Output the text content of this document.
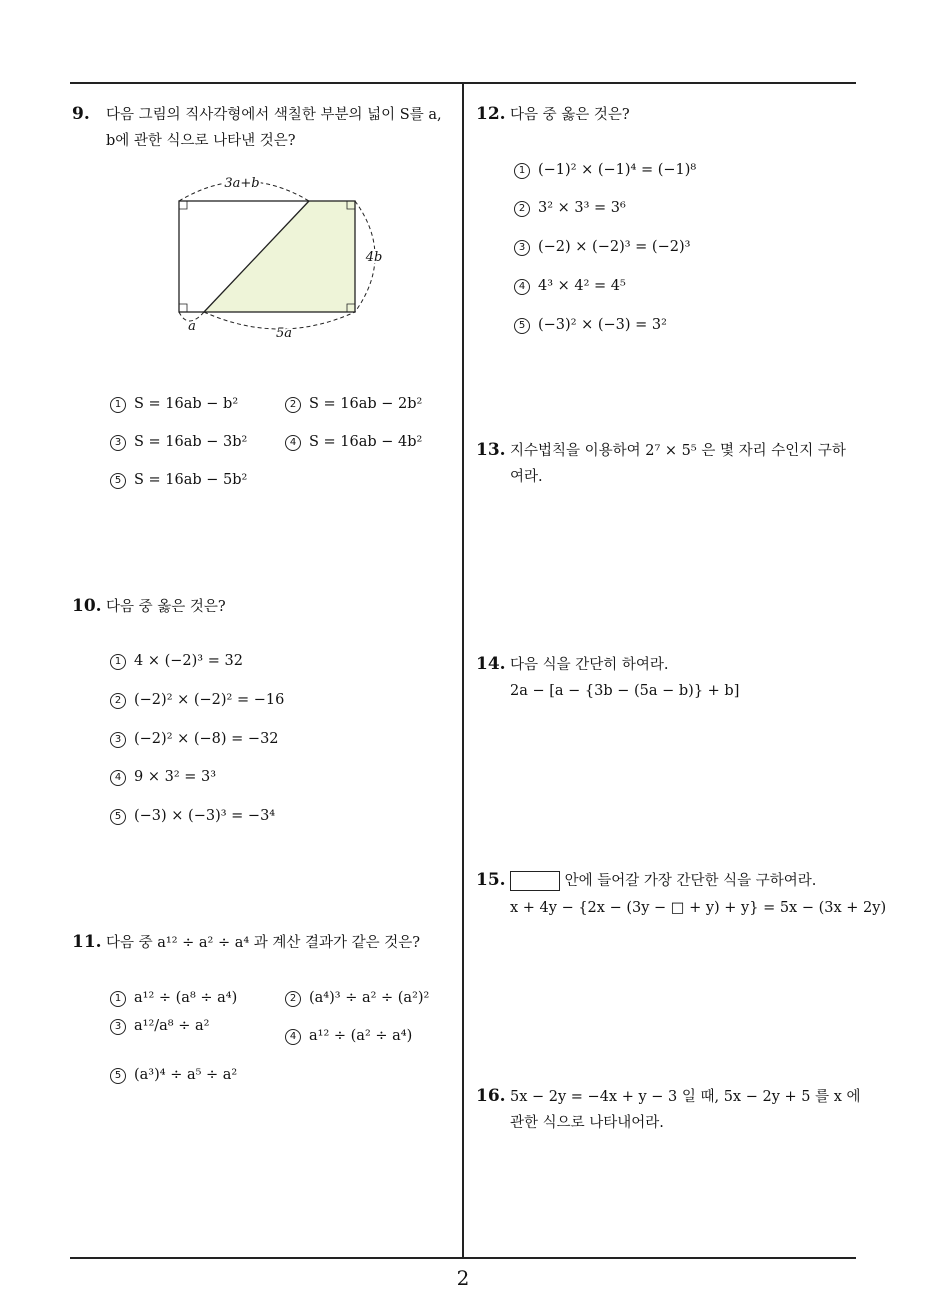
2
9. 다음 그림의 직사각형에서 색칠한 부분의 넓이 S를 a,
b에 관한 식으로 나타낸 것은?
3a+b
4b
a	5a
1 S = 16ab − b²	2 S = 16ab − 2b²
3 S = 16ab − 3b²	4 S = 16ab − 4b²
5 S = 16ab − 5b²
10. 다음 중 옳은 것은?
1 4 × (−2)³ = 32
2 (−2)² × (−2)² = −16
3 (−2)² × (−8) = −32
4 9 × 3² = 3³
5 (−3) × (−3)³ = −3⁴
11. 다음 중 a¹² ÷ a² ÷ a⁴ 과 계산 결과가 같은 것은?
1 a¹² ÷ (a⁸ ÷ a⁴)	2 (a⁴)³ ÷ a² ÷ (a²)²
3 a¹²/a⁸ ÷ a²
4 a¹² ÷ (a² ÷ a⁴)
5 (a³)⁴ ÷ a⁵ ÷ a²
12. 다음 중 옳은 것은?
1 (−1)² × (−1)⁴ = (−1)⁸
2 3² × 3³ = 3⁶
3 (−2) × (−2)³ = (−2)³
4 4³ × 4² = 4⁵
5 (−3)² × (−3) = 3²
13. 지수법칙을 이용하여 2⁷ × 5⁵ 은 몇 자리 수인지 구하
여라.
14. 다음 식을 간단히 하여라.
2a − [a − {3b − (5a − b)} + b]
15.	안에 들어갈 가장 간단한 식을 구하여라.
x + 4y − {2x − (3y − □ + y) + y} = 5x − (3x + 2y)
16. 5x − 2y = −4x + y − 3 일 때, 5x − 2y + 5 를 x 에
관한 식으로 나타내어라.
